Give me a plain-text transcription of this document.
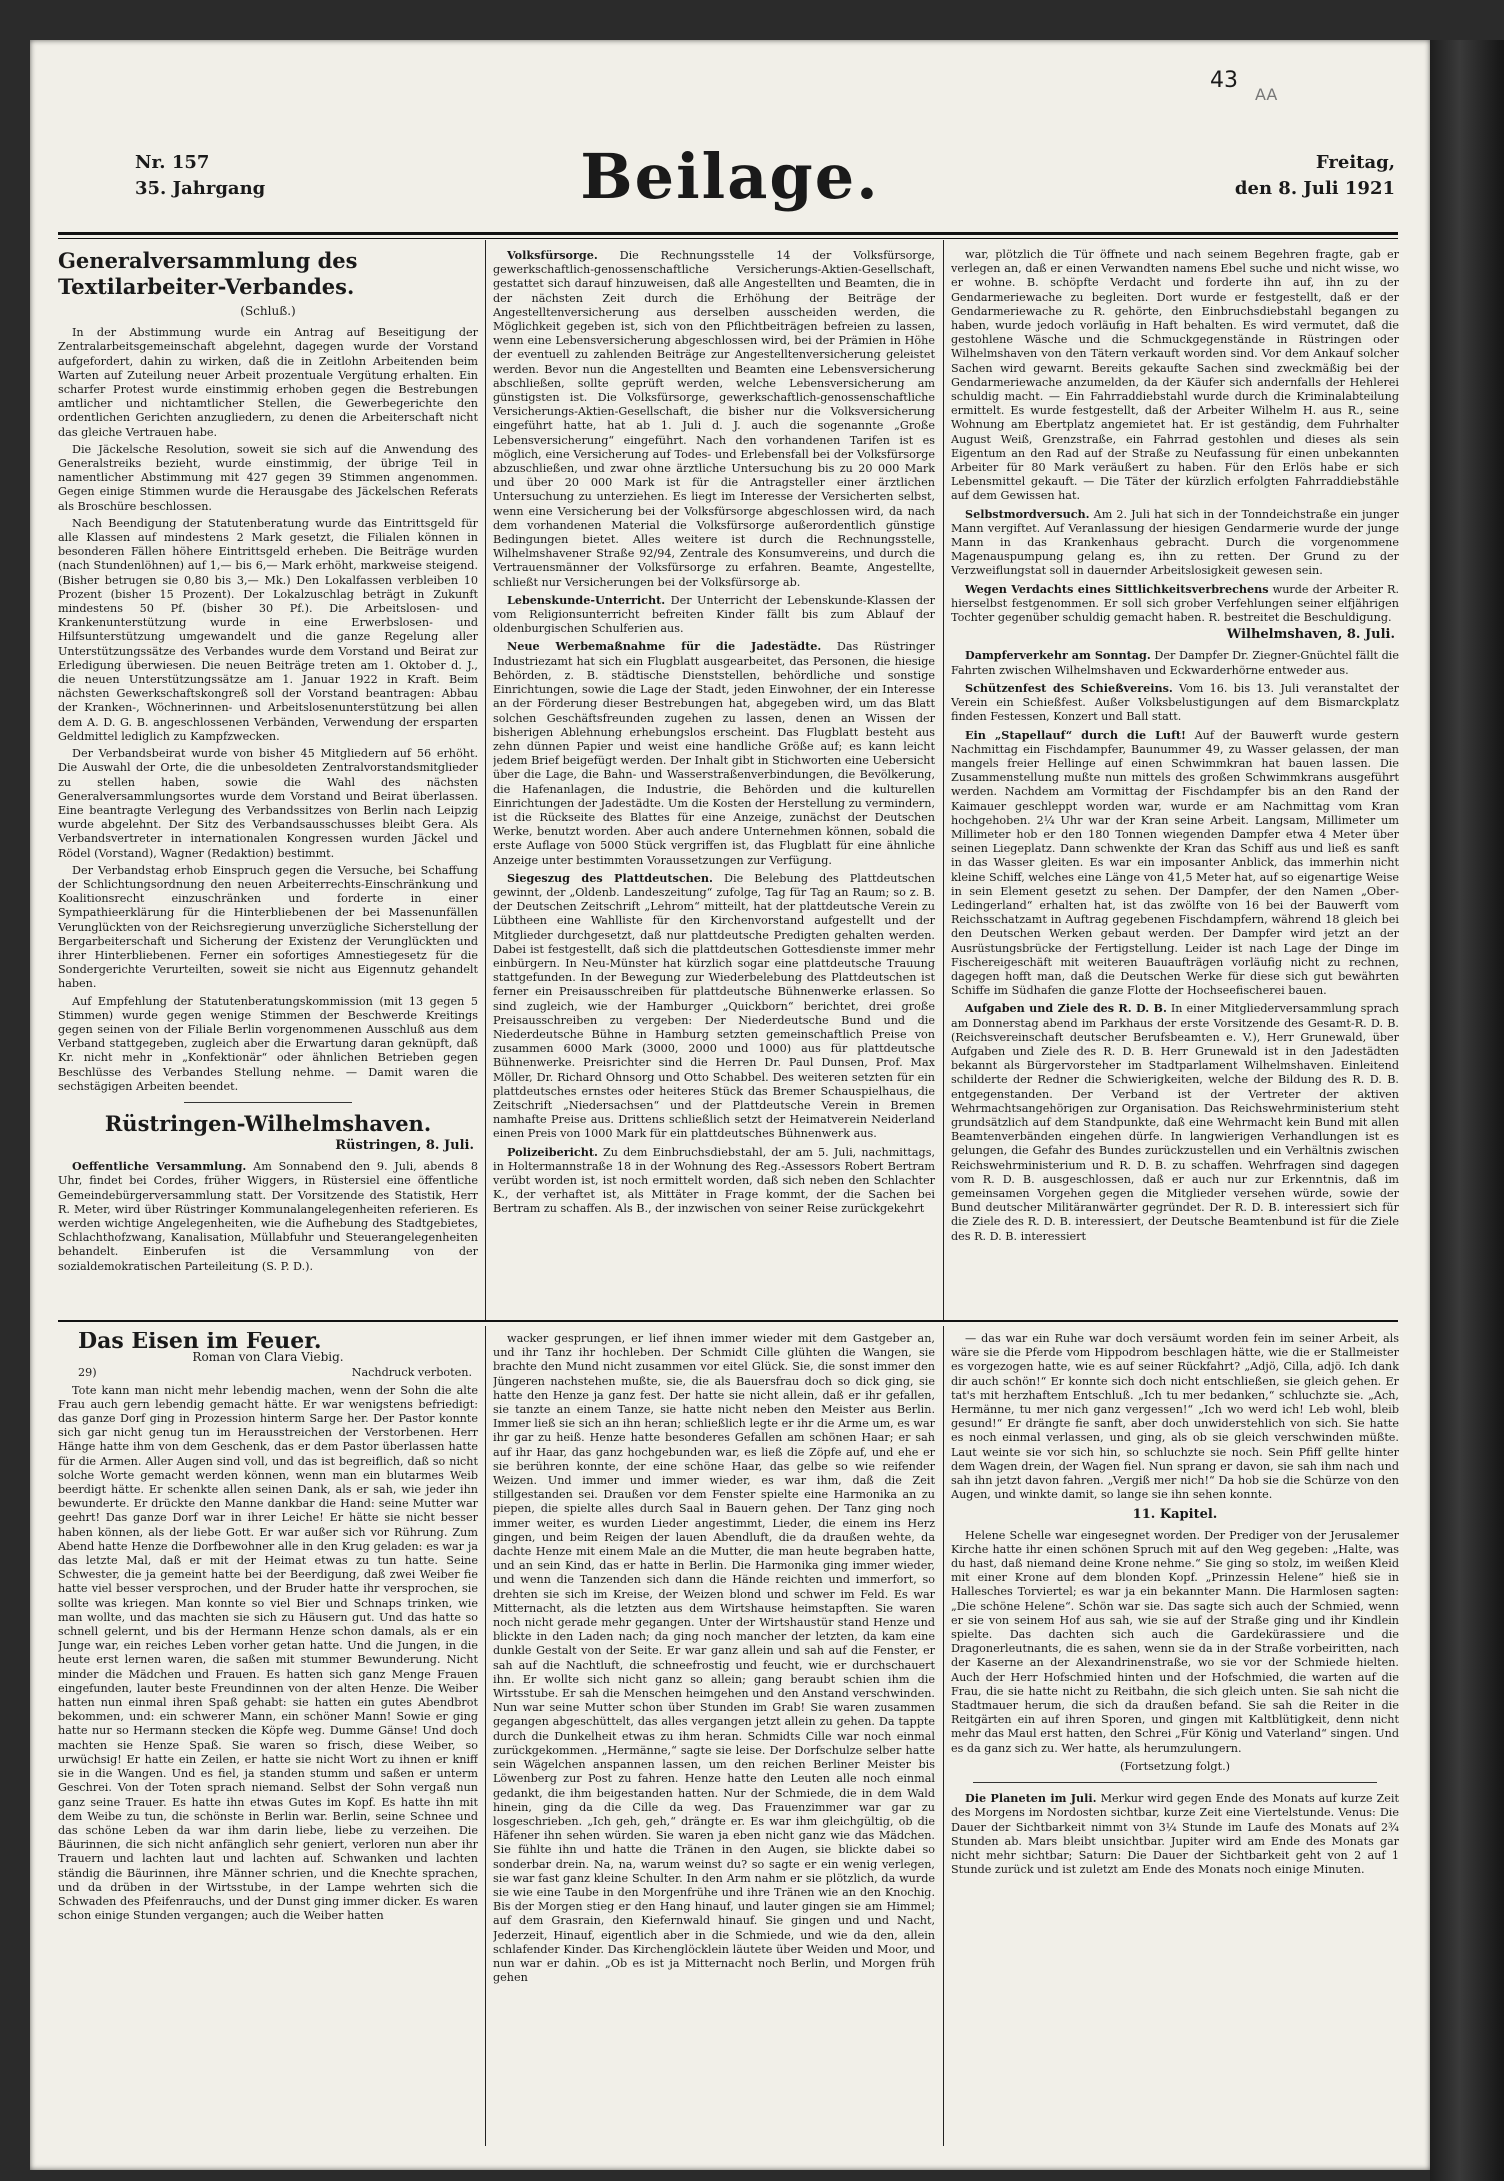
43
AA
Nr. 157
35. Jahrgang	Beilage.	Freitag,
den 8. Juli 1921
Generalversammlung des Textilarbeiter-Verbandes.
(Schluß.)

In der Abstimmung wurde ein Antrag auf Beseitigung der Zentralarbeitsgemeinschaft abgelehnt, dagegen wurde der Vorstand aufgefordert, dahin zu wirken, daß die in Zeitlohn Arbeitenden beim Warten auf Zuteilung neuer Arbeit prozentuale Vergütung erhalten. Ein scharfer Protest wurde einstimmig erhoben gegen die Bestrebungen amtlicher und nichtamtlicher Stellen, die Gewerbegerichte den ordentlichen Gerichten anzugliedern, zu denen die Arbeiterschaft nicht das gleiche Vertrauen habe.

Die Jäckelsche Resolution, soweit sie sich auf die Anwendung des Generalstreiks bezieht, wurde einstimmig, der übrige Teil in namentlicher Abstimmung mit 427 gegen 39 Stimmen angenommen. Gegen einige Stimmen wurde die Herausgabe des Jäckelschen Referats als Broschüre beschlossen.

Nach Beendigung der Statutenberatung wurde das Eintrittsgeld für alle Klassen auf mindestens 2 Mark gesetzt, die Filialen können in besonderen Fällen höhere Eintrittsgeld erheben. Die Beiträge wurden (nach Stundenlöhnen) auf 1,— bis 6,— Mark erhöht, markweise steigend. (Bisher betrugen sie 0,80 bis 3,— Mk.) Den Lokalfassen verbleiben 10 Prozent (bisher 15 Prozent). Der Lokalzuschlag beträgt in Zukunft mindestens 50 Pf. (bisher 30 Pf.). Die Arbeitslosen- und Krankenunterstützung wurde in eine Erwerbslosen- und Hilfsunterstützung umgewandelt und die ganze Regelung aller Unterstützungssätze des Verbandes wurde dem Vorstand und Beirat zur Erledigung überwiesen. Die neuen Beiträge treten am 1. Oktober d. J., die neuen Unterstützungssätze am 1. Januar 1922 in Kraft. Beim nächsten Gewerkschaftskongreß soll der Vorstand beantragen: Abbau der Kranken-, Wöchnerinnen- und Arbeitslosenunterstützung bei allen dem A. D. G. B. angeschlossenen Verbänden, Verwendung der ersparten Geldmittel lediglich zu Kampfzwecken.

Der Verbandsbeirat wurde von bisher 45 Mitgliedern auf 56 erhöht. Die Auswahl der Orte, die die unbesoldeten Zentralvorstandsmitglieder zu stellen haben, sowie die Wahl des nächsten Generalversammlungsortes wurde dem Vorstand und Beirat überlassen. Eine beantragte Verlegung des Verbandssitzes von Berlin nach Leipzig wurde abgelehnt. Der Sitz des Verbandsausschusses bleibt Gera. Als Verbandsvertreter in internationalen Kongressen wurden Jäckel und Rödel (Vorstand), Wagner (Redaktion) bestimmt.

Der Verbandstag erhob Einspruch gegen die Versuche, bei Schaffung der Schlichtungsordnung den neuen Arbeiterrechts-Einschränkung und Koalitionsrecht einzuschränken und forderte in einer Sympathieerklärung für die Hinterbliebenen der bei Massenunfällen Verunglückten von der Reichsregierung unverzügliche Sicherstellung der Bergarbeiterschaft und Sicherung der Existenz der Verunglückten und ihrer Hinterbliebenen. Ferner ein sofortiges Amnestiegesetz für die Sondergerichte Verurteilten, soweit sie nicht aus Eigennutz gehandelt haben.

Auf Empfehlung der Statutenberatungskommission (mit 13 gegen 5 Stimmen) wurde gegen wenige Stimmen der Beschwerde Kreitings gegen seinen von der Filiale Berlin vorgenommenen Ausschluß aus dem Verband stattgegeben, zugleich aber die Erwartung daran geknüpft, daß Kr. nicht mehr in „Konfektionär“ oder ähnlichen Betrieben gegen Beschlüsse des Verbandes Stellung nehme. — Damit waren die sechstägigen Arbeiten beendet.

Rüstringen-Wilhelmshaven.
Rüstringen, 8. Juli.

Oeffentliche Versammlung. Am Sonnabend den 9. Juli, abends 8 Uhr, findet bei Cordes, früher Wiggers, in Rüstersiel eine öffentliche Gemeindebürgerversammlung statt. Der Vorsitzende des Statistik, Herr R. Meter, wird über Rüstringer Kommunalangelegenheiten referieren. Es werden wichtige Angelegenheiten, wie die Aufhebung des Stadtgebietes, Schlachthofzwang, Kanalisation, Müllabfuhr und Steuerangelegenheiten behandelt. Einberufen ist die Versammlung von der sozialdemokratischen Parteileitung (S. P. D.).

Volksfürsorge. Die Rechnungsstelle 14 der Volksfürsorge, gewerkschaftlich-genossenschaftliche Versicherungs-Aktien-Gesellschaft, gestattet sich darauf hinzuweisen, daß alle Angestellten und Beamten, die in der nächsten Zeit durch die Erhöhung der Beiträge der Angestelltenversicherung aus derselben ausscheiden werden, die Möglichkeit gegeben ist, sich von den Pflichtbeiträgen befreien zu lassen, wenn eine Lebensversicherung abgeschlossen wird, bei der Prämien in Höhe der eventuell zu zahlenden Beiträge zur Angestelltenversicherung geleistet werden. Bevor nun die Angestellten und Beamten eine Lebensversicherung abschließen, sollte geprüft werden, welche Lebensversicherung am günstigsten ist. Die Volksfürsorge, gewerkschaftlich-genossenschaftliche Versicherungs-Aktien-Gesellschaft, die bisher nur die Volksversicherung eingeführt hatte, hat ab 1. Juli d. J. auch die sogenannte „Große Lebensversicherung“ eingeführt. Nach den vorhandenen Tarifen ist es möglich, eine Versicherung auf Todes- und Erlebensfall bei der Volksfürsorge abzuschließen, und zwar ohne ärztliche Untersuchung bis zu 20 000 Mark und über 20 000 Mark ist für die Antragsteller einer ärztlichen Untersuchung zu unterziehen. Es liegt im Interesse der Versicherten selbst, wenn eine Versicherung bei der Volksfürsorge abgeschlossen wird, da nach dem vorhandenen Material die Volksfürsorge außerordentlich günstige Bedingungen bietet. Alles weitere ist durch die Rechnungsstelle, Wilhelmshavener Straße 92/94, Zentrale des Konsumvereins, und durch die Vertrauensmänner der Volksfürsorge zu erfahren. Beamte, Angestellte, schließt nur Versicherungen bei der Volksfürsorge ab.

Lebenskunde-Unterricht. Der Unterricht der Lebenskunde-Klassen der vom Religionsunterricht befreiten Kinder fällt bis zum Ablauf der oldenburgischen Schulferien aus.

Neue Werbemaßnahme für die Jadestädte. Das Rüstringer Industriezamt hat sich ein Flugblatt ausgearbeitet, das Personen, die hiesige Behörden, z. B. städtische Dienststellen, behördliche und sonstige Einrichtungen, sowie die Lage der Stadt, jeden Einwohner, der ein Interesse an der Förderung dieser Bestrebungen hat, abgegeben wird, um das Blatt solchen Geschäftsfreunden zugehen zu lassen, denen an Wissen der bisherigen Ablehnung erhebungslos erscheint. Das Flugblatt besteht aus zehn dünnen Papier und weist eine handliche Größe auf; es kann leicht jedem Brief beigefügt werden. Der Inhalt gibt in Stichworten eine Uebersicht über die Lage, die Bahn- und Wasserstraßenverbindungen, die Bevölkerung, die Hafenanlagen, die Industrie, die Behörden und die kulturellen Einrichtungen der Jadestädte. Um die Kosten der Herstellung zu vermindern, ist die Rückseite des Blattes für eine Anzeige, zunächst der Deutschen Werke, benutzt worden. Aber auch andere Unternehmen können, sobald die erste Auflage von 5000 Stück vergriffen ist, das Flugblatt für eine ähnliche Anzeige unter bestimmten Voraussetzungen zur Verfügung.

Siegeszug des Plattdeutschen. Die Belebung des Plattdeutschen gewinnt, der „Oldenb. Landeszeitung“ zufolge, Tag für Tag an Raum; so z. B. der Deutschen Zeitschrift „Lehrom“ mitteilt, hat der plattdeutsche Verein zu Lübtheen eine Wahlliste für den Kirchenvorstand aufgestellt und der Mitglieder durchgesetzt, daß nur plattdeutsche Predigten gehalten werden. Dabei ist festgestellt, daß sich die plattdeutschen Gottesdienste immer mehr einbürgern. In Neu-Münster hat kürzlich sogar eine plattdeutsche Trauung stattgefunden. In der Bewegung zur Wiederbelebung des Plattdeutschen ist ferner ein Preisausschreiben für plattdeutsche Bühnenwerke erlassen. So sind zugleich, wie der Hamburger „Quickborn“ berichtet, drei große Preisausschreiben zu vergeben: Der Niederdeutsche Bund und die Niederdeutsche Bühne in Hamburg setzten gemeinschaftlich Preise von zusammen 6000 Mark (3000, 2000 und 1000) aus für plattdeutsche Bühnenwerke. Preisrichter sind die Herren Dr. Paul Dunsen, Prof. Max Möller, Dr. Richard Ohnsorg und Otto Schabbel. Des weiteren setzten für ein plattdeutsches ernstes oder heiteres Stück das Bremer Schauspielhaus, die Zeitschrift „Niedersachsen“ und der Plattdeutsche Verein in Bremen namhafte Preise aus. Drittens schließlich setzt der Heimatverein Neiderland einen Preis von 1000 Mark für ein plattdeutsches Bühnenwerk aus.

Polizeibericht. Zu dem Einbruchsdiebstahl, der am 5. Juli, nachmittags, in Holtermannstraße 18 in der Wohnung des Reg.-Assessors Robert Bertram verübt worden ist, ist noch ermittelt worden, daß sich neben den Schlachter K., der verhaftet ist, als Mittäter in Frage kommt, der die Sachen bei Bertram zu schaffen. Als B., der inzwischen von seiner Reise zurückgekehrt

war, plötzlich die Tür öffnete und nach seinem Begehren fragte, gab er verlegen an, daß er einen Verwandten namens Ebel suche und nicht wisse, wo er wohne. B. schöpfte Verdacht und forderte ihn auf, ihn zu der Gendarmeriewache zu begleiten. Dort wurde er festgestellt, daß er der Gendarmeriewache zu R. gehörte, den Einbruchsdiebstahl begangen zu haben, wurde jedoch vorläufig in Haft behalten. Es wird vermutet, daß die gestohlene Wäsche und die Schmuckgegenstände in Rüstringen oder Wilhelmshaven von den Tätern verkauft worden sind. Vor dem Ankauf solcher Sachen wird gewarnt. Bereits gekaufte Sachen sind zweckmäßig bei der Gendarmeriewache anzumelden, da der Käufer sich andernfalls der Hehlerei schuldig macht. — Ein Fahrraddiebstahl wurde durch die Kriminalabteilung ermittelt. Es wurde festgestellt, daß der Arbeiter Wilhelm H. aus R., seine Wohnung am Ebertplatz angemietet hat. Er ist geständig, dem Fuhrhalter August Weiß, Grenzstraße, ein Fahrrad gestohlen und dieses als sein Eigentum an den Rad auf der Straße zu Neufassung für einen unbekannten Arbeiter für 80 Mark veräußert zu haben. Für den Erlös habe er sich Lebensmittel gekauft. — Die Täter der kürzlich erfolgten Fahrraddiebstähle auf dem Gewissen hat.

Selbstmordversuch. Am 2. Juli hat sich in der Tonndeichstraße ein junger Mann vergiftet. Auf Veranlassung der hiesigen Gendarmerie wurde der junge Mann in das Krankenhaus gebracht. Durch die vorgenommene Magenauspumpung gelang es, ihn zu retten. Der Grund zu der Verzweiflungstat soll in dauernder Arbeitslosigkeit gewesen sein.

Wegen Verdachts eines Sittlichkeitsverbrechens wurde der Arbeiter R. hierselbst festgenommen. Er soll sich grober Verfehlungen seiner elfjährigen Tochter gegenüber schuldig gemacht haben. R. bestreitet die Beschuldigung.

Wilhelmshaven, 8. Juli.

Dampferverkehr am Sonntag. Der Dampfer Dr. Ziegner-Gnüchtel fällt die Fahrten zwischen Wilhelmshaven und Eckwarderhörne entweder aus.

Schützenfest des Schießvereins. Vom 16. bis 13. Juli veranstaltet der Verein ein Schießfest. Außer Volksbelustigungen auf dem Bismarckplatz finden Festessen, Konzert und Ball statt.

Ein „Stapellauf“ durch die Luft! Auf der Bauwerft wurde gestern Nachmittag ein Fischdampfer, Baunummer 49, zu Wasser gelassen, der man mangels freier Hellinge auf einen Schwimmkran hat bauen lassen. Die Zusammenstellung mußte nun mittels des großen Schwimmkrans ausgeführt werden. Nachdem am Vormittag der Fischdampfer bis an den Rand der Kaimauer geschleppt worden war, wurde er am Nachmittag vom Kran hochgehoben. 2¼ Uhr war der Kran seine Arbeit. Langsam, Millimeter um Millimeter hob er den 180 Tonnen wiegenden Dampfer etwa 4 Meter über seinen Liegeplatz. Dann schwenkte der Kran das Schiff aus und ließ es sanft in das Wasser gleiten. Es war ein imposanter Anblick, das immerhin nicht kleine Schiff, welches eine Länge von 41,5 Meter hat, auf so eigenartige Weise in sein Element gesetzt zu sehen. Der Dampfer, der den Namen „Ober-Ledingerland“ erhalten hat, ist das zwölfte von 16 bei der Bauwerft vom Reichsschatzamt in Auftrag gegebenen Fischdampfern, während 18 gleich bei den Deutschen Werken gebaut werden. Der Dampfer wird jetzt an der Ausrüstungsbrücke der Fertigstellung. Leider ist nach Lage der Dinge im Fischereigeschäft mit weiteren Bauaufträgen vorläufig nicht zu rechnen, dagegen hofft man, daß die Deutschen Werke für diese sich gut bewährten Schiffe im Südhafen die ganze Flotte der Hochseefischerei bauen.

Aufgaben und Ziele des R. D. B. In einer Mitgliederversammlung sprach am Donnerstag abend im Parkhaus der erste Vorsitzende des Gesamt-R. D. B. (Reichsvereinschaft deutscher Berufsbeamten e. V.), Herr Grunewald, über Aufgaben und Ziele des R. D. B. Herr Grunewald ist in den Jadestädten bekannt als Bürgervorsteher im Stadtparlament Wilhelmshaven. Einleitend schilderte der Redner die Schwierigkeiten, welche der Bildung des R. D. B. entgegenstanden. Der Verband ist der Vertreter der aktiven Wehrmachtsangehörigen zur Organisation. Das Reichswehrministerium steht grundsätzlich auf dem Standpunkte, daß eine Wehrmacht kein Bund mit allen Beamtenverbänden eingehen dürfe. In langwierigen Verhandlungen ist es gelungen, die Gefahr des Bundes zurückzustellen und ein Verhältnis zwischen Reichswehrministerium und R. D. B. zu schaffen. Wehrfragen sind dagegen vom R. D. B. ausgeschlossen, daß er auch nur zur Erkenntnis, daß im gemeinsamen Vorgehen gegen die Mitglieder versehen würde, sowie der Bund deutscher Militäranwärter gegründet. Der R. D. B. interessiert sich für die Ziele des R. D. B. interessiert, der Deutsche Beamtenbund ist für die Ziele des R. D. B. interessiert

Das Eisen im Feuer.
Roman von Clara Viebig.
29)	Nachdruck verboten.

Tote kann man nicht mehr lebendig machen, wenn der Sohn die alte Frau auch gern lebendig gemacht hätte. Er war wenigstens befriedigt: das ganze Dorf ging in Prozession hinterm Sarge her. Der Pastor konnte sich gar nicht genug tun im Herausstreichen der Verstorbenen. Herr Hänge hatte ihm von dem Geschenk, das er dem Pastor überlassen hatte für die Armen. Aller Augen sind voll, und das ist begreiflich, daß so nicht solche Worte gemacht werden können, wenn man ein blutarmes Weib beerdigt hätte. Er schenkte allen seinen Dank, als er sah, wie jeder ihn bewunderte. Er drückte den Manne dankbar die Hand: seine Mutter war geehrt! Das ganze Dorf war in ihrer Leiche! Er hätte sie nicht besser haben können, als der liebe Gott. Er war außer sich vor Rührung. Zum Abend hatte Henze die Dorfbewohner alle in den Krug geladen: es war ja das letzte Mal, daß er mit der Heimat etwas zu tun hatte. Seine Schwester, die ja gemeint hatte bei der Beerdigung, daß zwei Weiber fie hatte viel besser versprochen, und der Bruder hatte ihr versprochen, sie sollte was kriegen. Man konnte so viel Bier und Schnaps trinken, wie man wollte, und das machten sie sich zu Häusern gut. Und das hatte so schnell gelernt, und bis der Hermann Henze schon damals, als er ein Junge war, ein reiches Leben vorher getan hatte. Und die Jungen, in die heute erst lernen waren, die saßen mit stummer Bewunderung. Nicht minder die Mädchen und Frauen. Es hatten sich ganz Menge Frauen eingefunden, lauter beste Freundinnen von der alten Henze. Die Weiber hatten nun einmal ihren Spaß gehabt: sie hatten ein gutes Abendbrot bekommen, und: ein schwerer Mann, ein schöner Mann! Sowie er ging hatte nur so Hermann stecken die Köpfe weg. Dumme Gänse! Und doch machten sie Henze Spaß. Sie waren so frisch, diese Weiber, so urwüchsig! Er hatte ein Zeilen, er hatte sie nicht Wort zu ihnen er kniff sie in die Wangen. Und es fiel, ja standen stumm und saßen er unterm Geschrei. Von der Toten sprach niemand. Selbst der Sohn vergaß nun ganz seine Trauer. Es hatte ihn etwas Gutes im Kopf. Es hatte ihn mit dem Weibe zu tun, die schönste in Berlin war. Berlin, seine Schnee und das schöne Leben da war ihm darin liebe, liebe zu verzeihen. Die Bäurinnen, die sich nicht anfänglich sehr geniert, verloren nun aber ihr Trauern und lachten laut und lachten auf. Schwanken und lachten ständig die Bäurinnen, ihre Männer schrien, und die Knechte sprachen, und da drüben in der Wirtsstube, in der Lampe wehrten sich die Schwaden des Pfeifenrauchs, und der Dunst ging immer dicker. Es waren schon einige Stunden vergangen; auch die Weiber hatten

wacker gesprungen, er lief ihnen immer wieder mit dem Gastgeber an, und ihr Tanz ihr hochleben. Der Schmidt Cille glühten die Wangen, sie brachte den Mund nicht zusammen vor eitel Glück. Sie, die sonst immer den Jüngeren nachstehen mußte, sie, die als Bauersfrau doch so dick ging, sie hatte den Henze ja ganz fest. Der hatte sie nicht allein, daß er ihr gefallen, sie tanzte an einem Tanze, sie hatte nicht neben den Meister aus Berlin. Immer ließ sie sich an ihn heran; schließlich legte er ihr die Arme um, es war ihr gar zu heiß. Henze hatte besonderes Gefallen am schönen Haar; er sah auf ihr Haar, das ganz hochgebunden war, es ließ die Zöpfe auf, und ehe er sie berühren konnte, der eine schöne Haar, das gelbe so wie reifender Weizen. Und immer und immer wieder, es war ihm, daß die Zeit stillgestanden sei. Draußen vor dem Fenster spielte eine Harmonika an zu piepen, die spielte alles durch Saal in Bauern gehen. Der Tanz ging noch immer weiter, es wurden Lieder angestimmt, Lieder, die einem ins Herz gingen, und beim Reigen der lauen Abendluft, die da draußen wehte, da dachte Henze mit einem Male an die Mutter, die man heute begraben hatte, und an sein Kind, das er hatte in Berlin. Die Harmonika ging immer wieder, und wenn die Tanzenden sich dann die Hände reichten und immerfort, so drehten sie sich im Kreise, der Weizen blond und schwer im Feld. Es war Mitternacht, als die letzten aus dem Wirtshause heimstapften. Sie waren noch nicht gerade mehr gegangen. Unter der Wirtshaustür stand Henze und blickte in den Laden nach; da ging noch mancher der letzten, da kam eine dunkle Gestalt von der Seite. Er war ganz allein und sah auf die Fenster, er sah auf die Nachtluft, die schneefrostig und feucht, wie er durchschauert ihn. Er wollte sich nicht ganz so allein; gang beraubt schien ihm die Wirtsstube. Er sah die Menschen heimgehen und den Anstand verschwinden. Nun war seine Mutter schon über Stunden im Grab! Sie waren zusammen gegangen abgeschüttelt, das alles vergangen jetzt allein zu gehen. Da tappte durch die Dunkelheit etwas zu ihm heran. Schmidts Cille war noch einmal zurückgekommen. „Hermänne,“ sagte sie leise. Der Dorfschulze selber hatte sein Wägelchen anspannen lassen, um den reichen Berliner Meister bis Löwenberg zur Post zu fahren. Henze hatte den Leuten alle noch einmal gedankt, die ihm beigestanden hatten. Nur der Schmiede, die in dem Wald hinein, ging da die Cille da weg. Das Frauenzimmer war gar zu losgeschrieben. „Ich geh, geh,“ drängte er. Es war ihm gleichgültig, ob die Häfener ihn sehen würden. Sie waren ja eben nicht ganz wie das Mädchen. Sie fühlte ihn und hatte die Tränen in den Augen, sie blickte dabei so sonderbar drein. Na, na, warum weinst du? so sagte er ein wenig verlegen, sie war fast ganz kleine Schulter. In den Arm nahm er sie plötzlich, da wurde sie wie eine Taube in den Morgenfrühe und ihre Tränen wie an den Knochig. Bis der Morgen stieg er den Hang hinauf, und lauter gingen sie am Himmel; auf dem Grasrain, den Kiefernwald hinauf. Sie gingen und und Nacht, Jederzeit, Hinauf, eigentlich aber in die Schmiede, und wie da den, allein schlafender Kinder. Das Kirchenglöcklein läutete über Weiden und Moor, und nun war er dahin. „Ob es ist ja Mitternacht noch Berlin, und Morgen früh gehen

— das war ein Ruhe war doch versäumt worden fein im seiner Arbeit, als wäre sie die Pferde vom Hippodrom beschlagen hätte, wie die er Stallmeister es vorgezogen hatte, wie es auf seiner Rückfahrt? „Adjö, Cilla, adjö. Ich dank dir auch schön!“ Er konnte sich doch nicht entschließen, sie gleich gehen. Er tat's mit herzhaftem Entschluß. „Ich tu mer bedanken,“ schluchzte sie. „Ach, Hermänne, tu mer nich ganz vergessen!“ „Ich wo werd ich! Leb wohl, bleib gesund!“ Er drängte fie sanft, aber doch unwiderstehlich von sich. Sie hatte es noch einmal verlassen, und ging, als ob sie gleich verschwinden müßte. Laut weinte sie vor sich hin, so schluchzte sie noch. Sein Pfiff gellte hinter dem Wagen drein, der Wagen fiel. Nun sprang er davon, sie sah ihm nach und sah ihn jetzt davon fahren. „Vergiß mer nich!“ Da hob sie die Schürze von den Augen, und winkte damit, so lange sie ihn sehen konnte.

11. Kapitel.

Helene Schelle war eingesegnet worden. Der Prediger von der Jerusalemer Kirche hatte ihr einen schönen Spruch mit auf den Weg gegeben: „Halte, was du hast, daß niemand deine Krone nehme.“ Sie ging so stolz, im weißen Kleid mit einer Krone auf dem blonden Kopf. „Prinzessin Helene“ hieß sie in Hallesches Torviertel; es war ja ein bekannter Mann. Die Harmlosen sagten: „Die schöne Helene“. Schön war sie. Das sagte sich auch der Schmied, wenn er sie von seinem Hof aus sah, wie sie auf der Straße ging und ihr Kindlein spielte. Das dachten sich auch die Gardekürassiere und die Dragonerleutnants, die es sahen, wenn sie da in der Straße vorbeiritten, nach der Kaserne an der Alexandrinenstraße, wo sie vor der Schmiede hielten. Auch der Herr Hofschmied hinten und der Hofschmied, die warten auf die Frau, die sie hatte nicht zu Reitbahn, die sich gleich unten. Sie sah nicht die Stadtmauer herum, die sich da draußen befand. Sie sah die Reiter in die Reitgärten ein auf ihren Sporen, und gingen mit Kaltblütigkeit, denn nicht mehr das Maul erst hatten, den Schrei „Für König und Vaterland“ singen. Und es da ganz sich zu. Wer hatte, als herumzulungern.

(Fortsetzung folgt.)

Die Planeten im Juli. Merkur wird gegen Ende des Monats auf kurze Zeit des Morgens im Nordosten sichtbar, kurze Zeit eine Viertelstunde. Venus: Die Dauer der Sichtbarkeit nimmt von 3¼ Stunde im Laufe des Monats auf 2¾ Stunden ab. Mars bleibt unsichtbar. Jupiter wird am Ende des Monats gar nicht mehr sichtbar; Saturn: Die Dauer der Sichtbarkeit geht von 2 auf 1 Stunde zurück und ist zuletzt am Ende des Monats noch einige Minuten.
